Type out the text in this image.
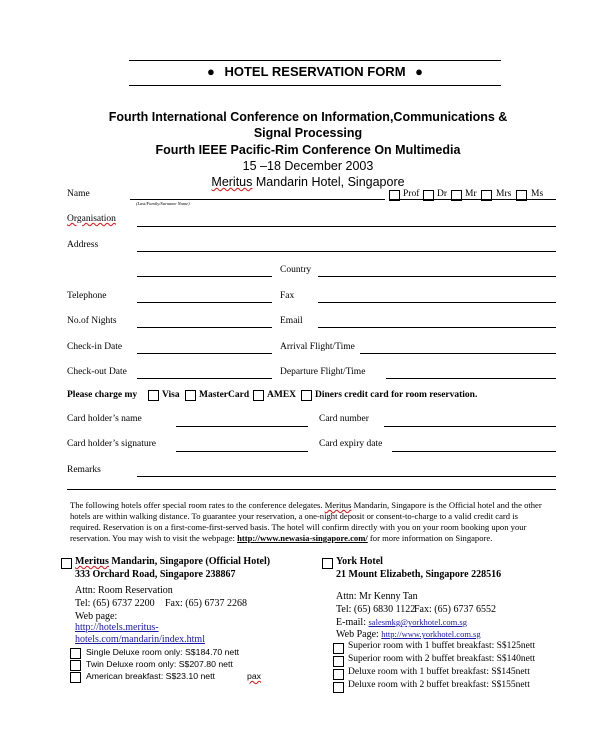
● HOTEL RESERVATION FORM ●
Fourth International Conference on Information,Communications &
Signal Processing
Fourth IEEE Pacific-Rim Conference On Multimedia
15 –18 December 2003
Meritus Mandarin Hotel, Singapore
Name
(Last/Family/Surname Name)
Prof Dr Mr Mrs Ms
Organisation
Address
Country
Telephone	Fax
No.of Nights	Email
Check-in Date	Arrival Flight/Time
Check-out Date	Departure Flight/Time
Please charge my	Visa MasterCard AMEX Diners credit card for room reservation.
Card holder’s name	Card number
Card holder’s signature	Card expiry date
Remarks
The following hotels offer special room rates to the conference delegates. Meritus Mandarin, Singapore is the Official hotel and the other
hotels are within walking distance. To guarantee your reservation, a one-night deposit or consent-to-charge to a valid credit card is
required. Reservation is on a first-come-first-served basis. The hotel will confirm directly with you on your room booking upon your
reservation. You may wish to visit the webpage: http://www.newasia-singapore.com/ for more information on Singapore.
Meritus Mandarin, Singapore (Official Hotel)
333 Orchard Road, Singapore 238867
Attn: Room Reservation
Tel: (65) 6737 2200 Fax: (65) 6737 2268
Web page:
http://hotels.meritus-
hotels.com/mandarin/index.html
Single Deluxe room only: S$184.70 nett
Twin Deluxe room only: S$207.80 nett
American breakfast: S$23.10 nett	pax
York Hotel
21 Mount Elizabeth, Singapore 228516
Attn: Mr Kenny Tan
Tel: (65) 6830 1122
Fax: (65) 6737 6552
E-mail: salesmkg@yorkhotel.com.sg
Web Page: http://www.yorkhotel.com.sg
Superior room with 1 buffet breakfast: S$125nett
Superior room with 2 buffet breakfast: S$140nett
Deluxe room with 1 buffet breakfast: S$145nett
Deluxe room with 2 buffet breakfast: S$155nett
